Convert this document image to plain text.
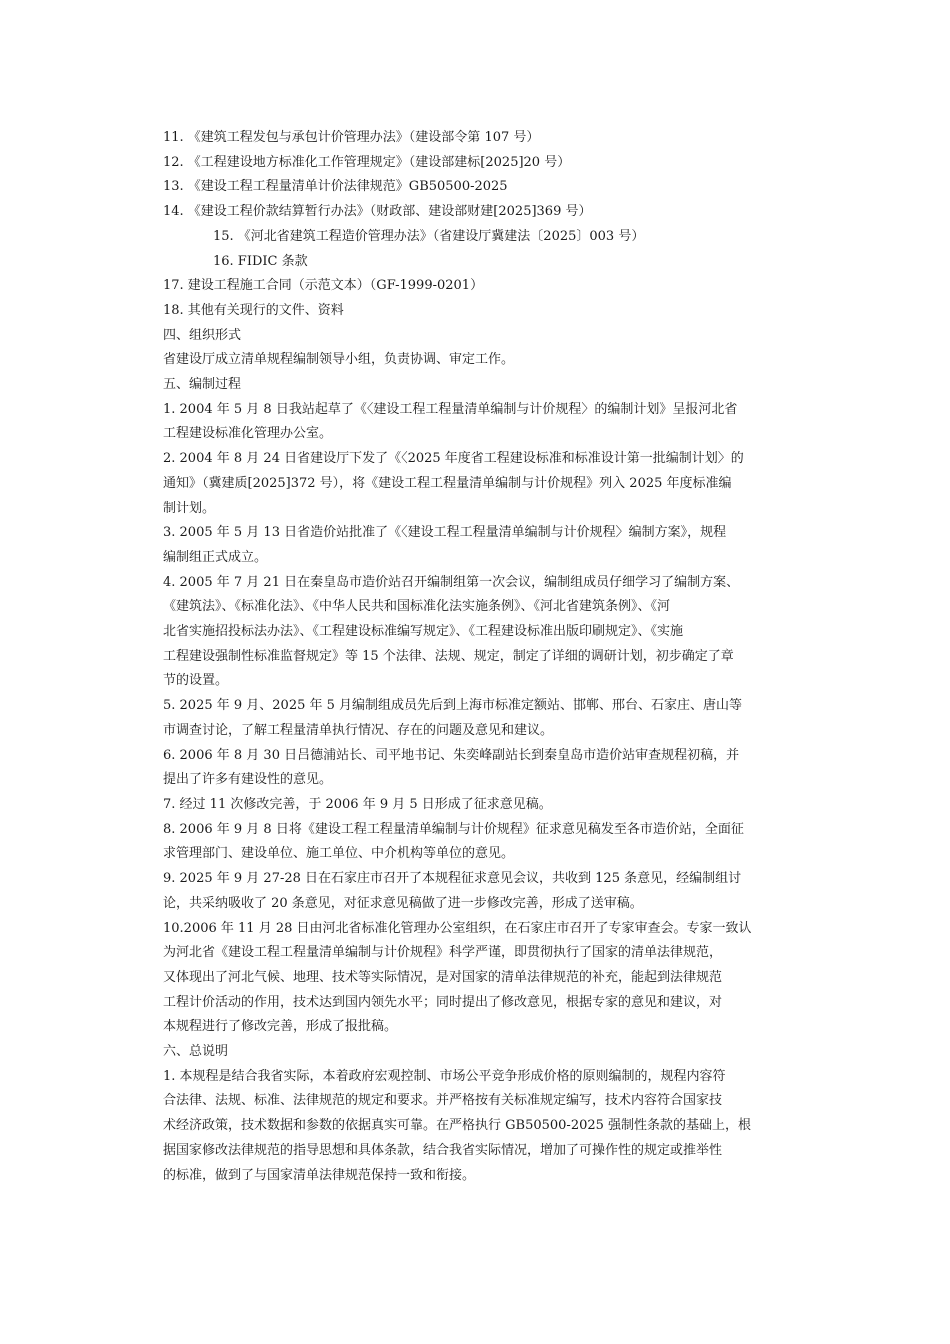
11. 《建筑工程发包与承包计价管理办法》（建设部令第 107 号）
12. 《工程建设地方标准化工作管理规定》（建设部建标[2025]20 号）
13. 《建设工程工程量清单计价法律规范》GB50500-2025
14. 《建设工程价款结算暂行办法》（财政部、建设部财建[2025]369 号）
15. 《河北省建筑工程造价管理办法》（省建设厅冀建法〔2025〕003 号）
16. FIDIC 条款
17. 建设工程施工合同（示范文本）（GF-1999-0201）
18. 其他有关现行的文件、资料
四、组织形式
省建设厅成立清单规程编制领导小组，负责协调、审定工作。
五、编制过程
1. 2004 年 5 月 8 日我站起草了《〈建设工程工程量清单编制与计价规程〉的编制计划》呈报河北省
工程建设标准化管理办公室。
2. 2004 年 8 月 24 日省建设厅下发了《〈2025 年度省工程建设标准和标准设计第一批编制计划〉的
通知》（冀建质[2025]372 号），将《建设工程工程量清单编制与计价规程》列入 2025 年度标准编
制计划。
3. 2005 年 5 月 13 日省造价站批准了《〈建设工程工程量清单编制与计价规程〉编制方案》，规程
编制组正式成立。
4. 2005 年 7 月 21 日在秦皇岛市造价站召开编制组第一次会议，编制组成员仔细学习了编制方案、
《建筑法》、《标准化法》、《中华人民共和国标准化法实施条例》、《河北省建筑条例》、《河
北省实施招投标法办法》、《工程建设标准编写规定》、《工程建设标准出版印刷规定》、《实施
工程建设强制性标准监督规定》等 15 个法律、法规、规定，制定了详细的调研计划，初步确定了章
节的设置。
5. 2025 年 9 月、2025 年 5 月编制组成员先后到上海市标准定额站、邯郸、邢台、石家庄、唐山等
市调查讨论，了解工程量清单执行情况、存在的问题及意见和建议。
6. 2006 年 8 月 30 日吕德浦站长、司平地书记、朱奕峰副站长到秦皇岛市造价站审查规程初稿，并
提出了许多有建设性的意见。
7. 经过 11 次修改完善，于 2006 年 9 月 5 日形成了征求意见稿。
8. 2006 年 9 月 8 日将《建设工程工程量清单编制与计价规程》征求意见稿发至各市造价站，全面征
求管理部门、建设单位、施工单位、中介机构等单位的意见。
9. 2025 年 9 月 27-28 日在石家庄市召开了本规程征求意见会议，共收到 125 条意见，经编制组讨
论，共采纳吸收了 20 条意见，对征求意见稿做了进一步修改完善，形成了送审稿。
10.2006 年 11 月 28 日由河北省标准化管理办公室组织，在石家庄市召开了专家审查会。专家一致认
为河北省《建设工程工程量清单编制与计价规程》科学严谨，即贯彻执行了国家的清单法律规范，
又体现出了河北气候、地理、技术等实际情况，是对国家的清单法律规范的补充，能起到法律规范
工程计价活动的作用，技术达到国内领先水平；同时提出了修改意见，根据专家的意见和建议，对
本规程进行了修改完善，形成了报批稿。
六、总说明
1. 本规程是结合我省实际，本着政府宏观控制、市场公平竞争形成价格的原则编制的，规程内容符
合法律、法规、标准、法律规范的规定和要求。并严格按有关标准规定编写，技术内容符合国家技
术经济政策，技术数据和参数的依据真实可靠。在严格执行 GB50500-2025 强制性条款的基础上，根
据国家修改法律规范的指导思想和具体条款，结合我省实际情况，增加了可操作性的规定或推举性
的标准，做到了与国家清单法律规范保持一致和衔接。
